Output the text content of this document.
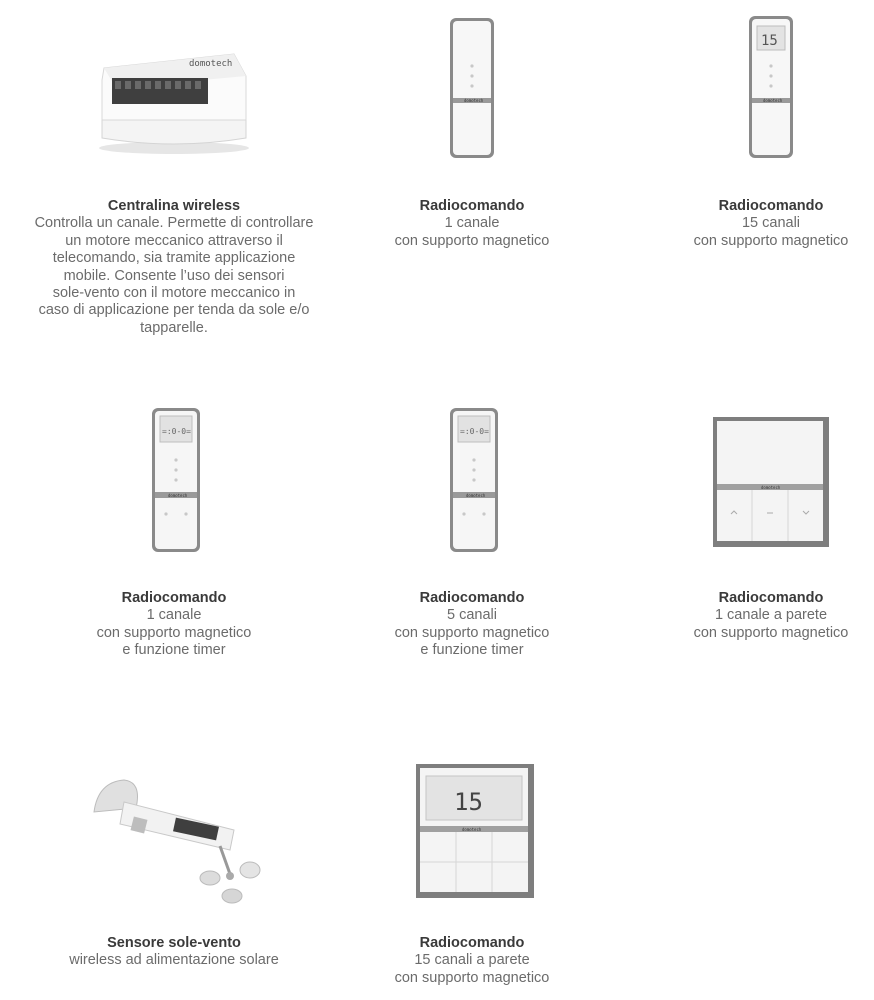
domotech
Centralina wireless
Controlla un canale. Permette di controllare
un motore meccanico attraverso il
telecomando, sia tramite applicazione
mobile. Consente l’uso dei sensori
sole-vento con il motore meccanico in
caso di applicazione per tenda da sole e/o
tapparelle.
domotech
Radiocomando
1 canale
con supporto magnetico
15
domotech
Radiocomando
15 canali
con supporto magnetico
=:0-0=
domotech
Radiocomando
1 canale
con supporto magnetico
e funzione timer
=:0-0=
domotech
Radiocomando
5 canali
con supporto magnetico
e funzione timer
domotech
Radiocomando
1 canale a parete
con supporto magnetico
Sensore sole-vento
wireless ad alimentazione solare
15
domotech
Radiocomando
15 canali a parete
con supporto magnetico
